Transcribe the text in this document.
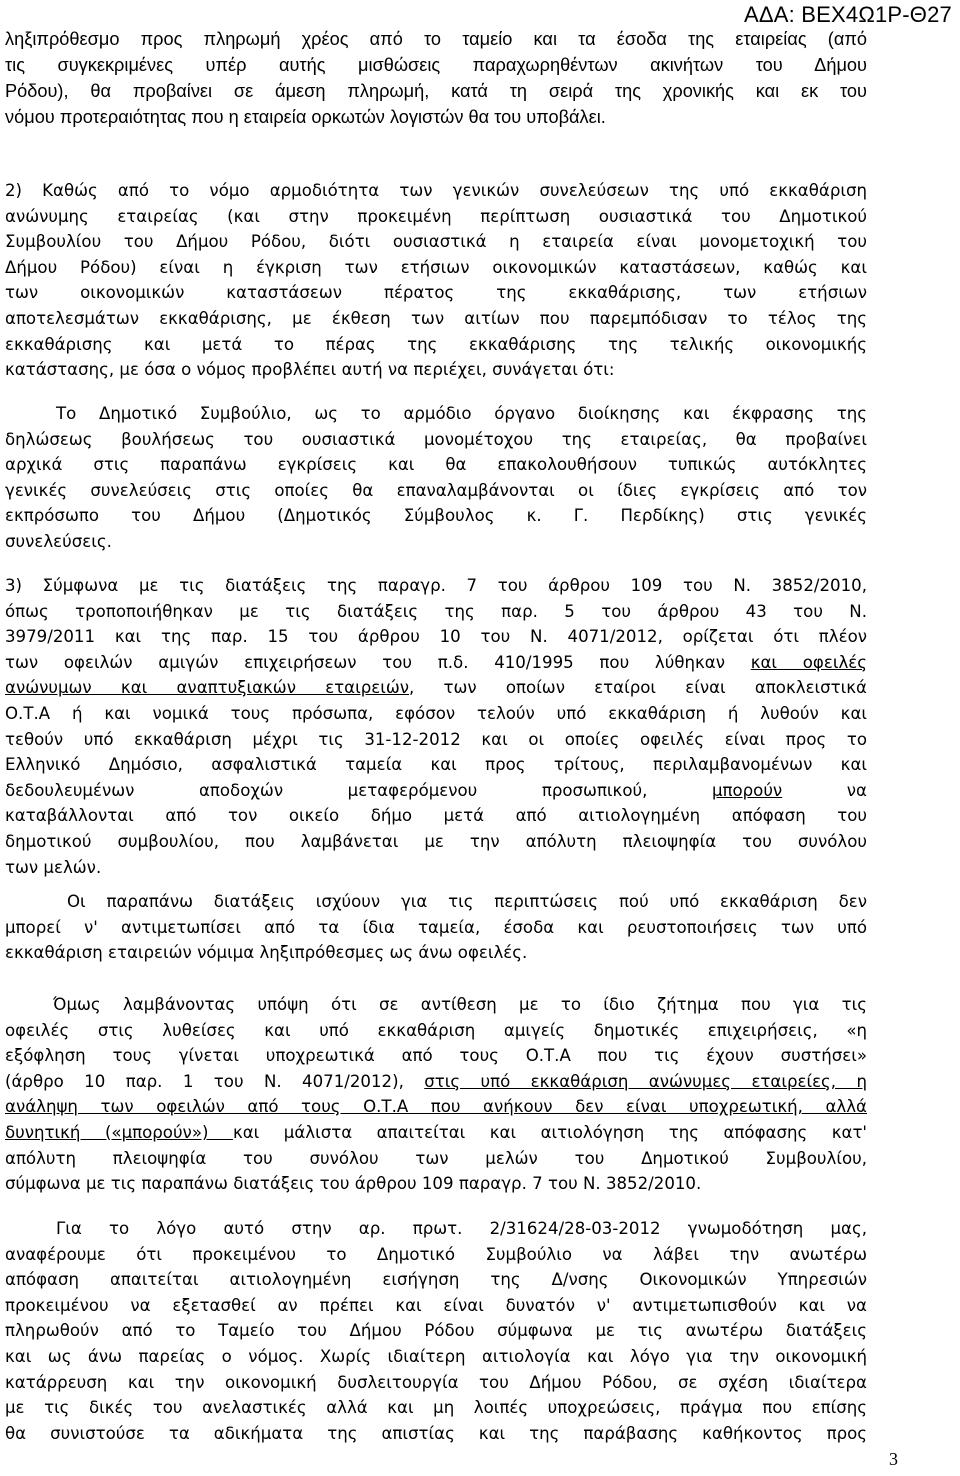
ΑΔΑ: ΒΕΧ4Ω1Ρ-Θ27
ληξιπρόθεσμο προς πληρωμή χρέος από το ταμείο και τα έσοδα της εταιρείας (από
τις συγκεκριμένες υπέρ αυτής μισθώσεις παραχωρηθέντων ακινήτων του Δήμου
Ρόδου), θα προβαίνει σε άμεση πληρωμή, κατά τη σειρά της χρονικής και εκ του
νόμου προτεραιότητας που η εταιρεία ορκωτών λογιστών θα του υποβάλει.
2) Καθώς από το νόμο αρμοδιότητα των γενικών συνελεύσεων της υπό εκκαθάριση
ανώνυμης εταιρείας (και στην προκειμένη περίπτωση ουσιαστικά του Δημοτικού
Συμβουλίου του Δήμου Ρόδου, διότι ουσιαστικά η εταιρεία είναι μονομετοχική του
Δήμου Ρόδου) είναι η έγκριση των ετήσιων οικονομικών καταστάσεων, καθώς και
των οικονομικών καταστάσεων πέρατος της εκκαθάρισης, των ετήσιων
αποτελεσμάτων εκκαθάρισης, με έκθεση των αιτίων που παρεμπόδισαν το τέλος της
εκκαθάρισης και μετά το πέρας της εκκαθάρισης της τελικής οικονομικής
κατάστασης, με όσα ο νόμος προβλέπει αυτή να περιέχει, συνάγεται ότι:
Το Δημοτικό Συμβούλιο, ως το αρμόδιο όργανο διοίκησης και έκφρασης της
δηλώσεως βουλήσεως του ουσιαστικά μονομέτοχου της εταιρείας, θα προβαίνει
αρχικά στις παραπάνω εγκρίσεις και θα επακολουθήσουν τυπικώς αυτόκλητες
γενικές συνελεύσεις στις οποίες θα επαναλαμβάνονται οι ίδιες εγκρίσεις από τον
εκπρόσωπο του Δήμου (Δημοτικός Σύμβουλος κ. Γ. Περδίκης) στις γενικές
συνελεύσεις.
3) Σύμφωνα με τις διατάξεις της παραγρ. 7 του άρθρου 109 του Ν. 3852/2010,
όπως τροποποιήθηκαν με τις διατάξεις της παρ. 5 του άρθρου 43 του Ν.
3979/2011 και της παρ. 15 του άρθρου 10 του Ν. 4071/2012, ορίζεται ότι πλέον
των οφειλών αμιγών επιχειρήσεων του π.δ. 410/1995 που λύθηκαν και οφειλές
ανώνυμων και αναπτυξιακών εταιρειών, των οποίων εταίροι είναι αποκλειστικά
Ο.Τ.Α ή και νομικά τους πρόσωπα, εφόσον τελούν υπό εκκαθάριση ή λυθούν και
τεθούν υπό εκκαθάριση μέχρι τις 31-12-2012 και οι οποίες οφειλές είναι προς το
Ελληνικό Δημόσιο, ασφαλιστικά ταμεία και προς τρίτους, περιλαμβανομένων και
δεδουλευμένων αποδοχών μεταφερόμενου προσωπικού, μπορούν να
καταβάλλονται από τον οικείο δήμο μετά από αιτιολογημένη απόφαση του
δημοτικού συμβουλίου, που λαμβάνεται με την απόλυτη πλειοψηφία του συνόλου
των μελών.
Οι παραπάνω διατάξεις ισχύουν για τις περιπτώσεις πού υπό εκκαθάριση δεν
μπορεί ν' αντιμετωπίσει από τα ίδια ταμεία, έσοδα και ρευστοποιήσεις των υπό
εκκαθάριση εταιρειών νόμιμα ληξιπρόθεσμες ως άνω οφειλές.
Όμως λαμβάνοντας υπόψη ότι σε αντίθεση με το ίδιο ζήτημα που για τις
οφειλές στις λυθείσες και υπό εκκαθάριση αμιγείς δημοτικές επιχειρήσεις, «η
εξόφληση τους γίνεται υποχρεωτικά από τους Ο.Τ.Α που τις έχουν συστήσει»
(άρθρο 10 παρ. 1 του Ν. 4071/2012), στις υπό εκκαθάριση ανώνυμες εταιρείες, η
ανάληψη των οφειλών από τους Ο.Τ.Α που ανήκουν δεν είναι υποχρεωτική, αλλά
δυνητική («μπορούν») και μάλιστα απαιτείται και αιτιολόγηση της απόφασης κατ'
απόλυτη πλειοψηφία του συνόλου των μελών του Δημοτικού Συμβουλίου,
σύμφωνα με τις παραπάνω διατάξεις του άρθρου 109 παραγρ. 7 του Ν. 3852/2010.
Για το λόγο αυτό στην αρ. πρωτ. 2/31624/28-03-2012 γνωμοδότηση μας,
αναφέρουμε ότι προκειμένου το Δημοτικό Συμβούλιο να λάβει την ανωτέρω
απόφαση απαιτείται αιτιολογημένη εισήγηση της Δ/νσης Οικονομικών Υπηρεσιών
προκειμένου να εξετασθεί αν πρέπει και είναι δυνατόν ν' αντιμετωπισθούν και να
πληρωθούν από το Ταμείο του Δήμου Ρόδου σύμφωνα με τις ανωτέρω διατάξεις
και ως άνω παρείας ο νόμος. Χωρίς ιδιαίτερη αιτιολογία και λόγο για την οικονομική
κατάρρευση και την οικονομική δυσλειτουργία του Δήμου Ρόδου, σε σχέση ιδιαίτερα
με τις δικές του ανελαστικές αλλά και μη λοιπές υποχρεώσεις, πράγμα που επίσης
θα συνιστούσε τα αδικήματα της απιστίας και της παράβασης καθήκοντος προς
3
